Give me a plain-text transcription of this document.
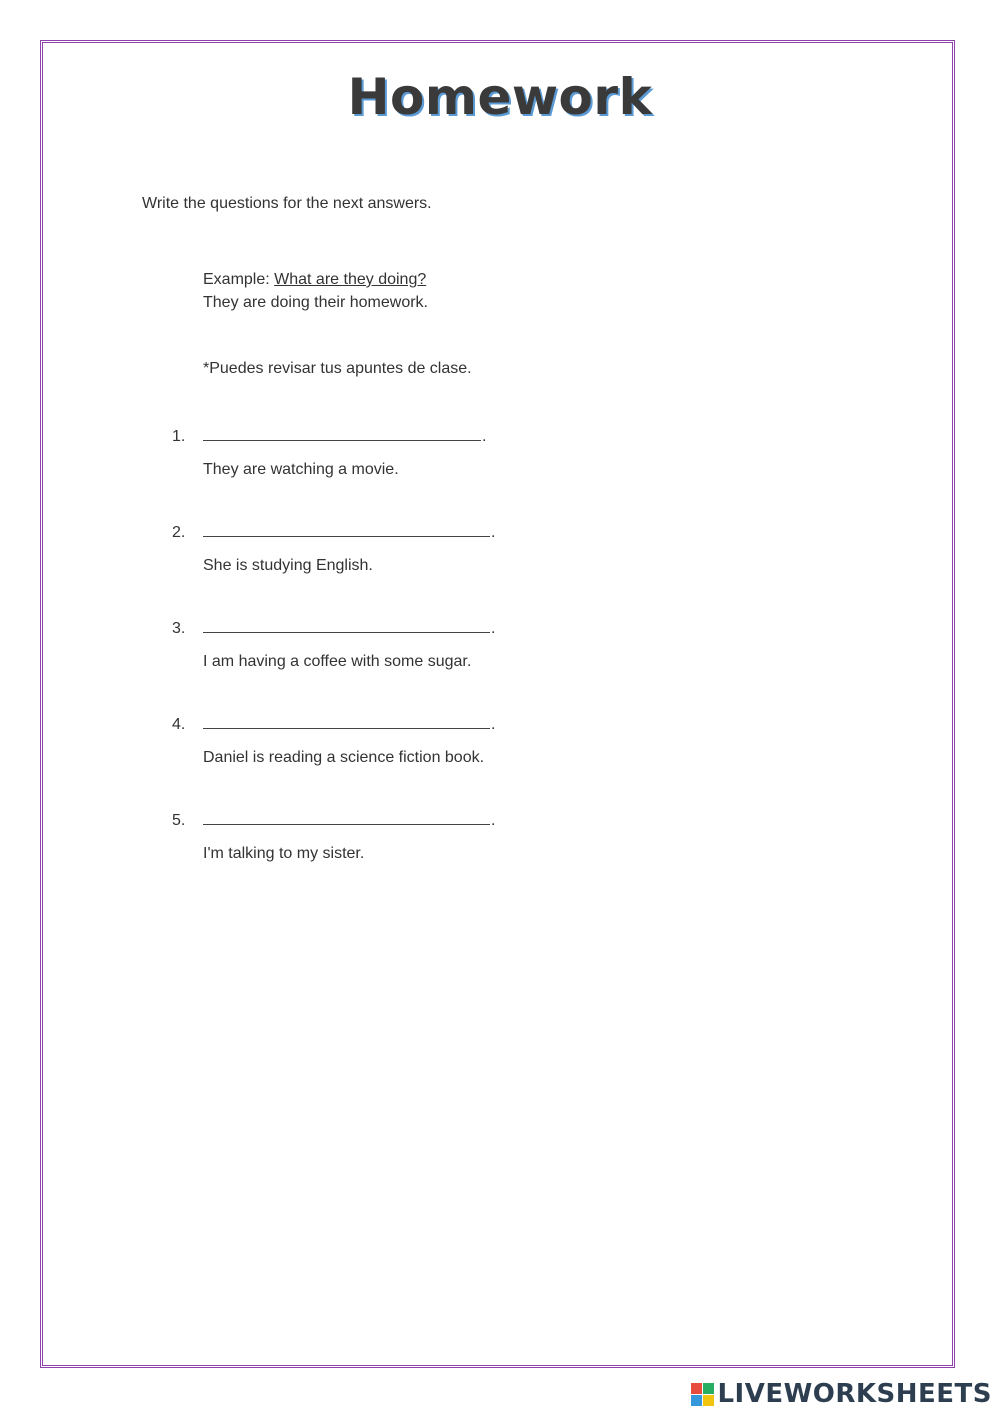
Homework
Write the questions for the next answers.
Example: What are they doing?
They are doing their homework.
*Puedes revisar tus apuntes de clase.
1.	.
They are watching a movie.
2.	.
She is studying English.
3.	.
I am having a coffee with some sugar.
4.	.
Daniel is reading a science fiction book.
5.	.
I'm talking to my sister.
LIVEWORKSHEETS
